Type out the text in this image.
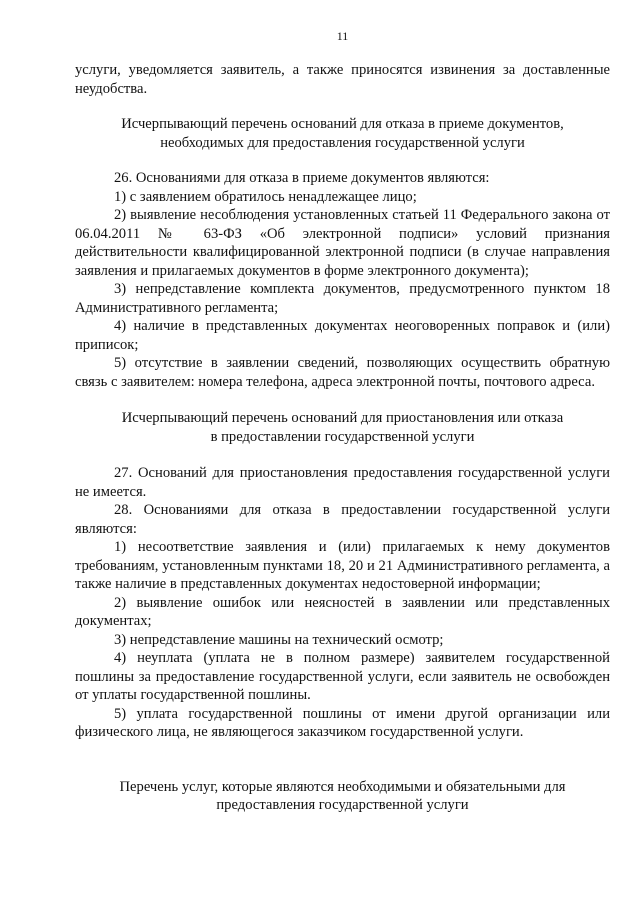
11

услуги, уведомляется заявитель, а также приносятся извинения за доставленные неудобства.

Исчерпывающий перечень оснований для отказа в приеме документов,

необходимых для предоставления государственной услуги

26. Основаниями для отказа в приеме документов являются:

1) с заявлением обратилось ненадлежащее лицо;

2) выявление несоблюдения установленных статьей 11 Федерального закона от 06.04.2011 № 63-ФЗ «Об электронной подписи» условий признания действительности квалифицированной электронной подписи (в случае направления заявления и прилагаемых документов в форме электронного документа);

3) непредставление комплекта документов, предусмотренного пунктом 18 Административного регламента;

4) наличие в представленных документах неоговоренных поправок и (или) приписок;

5) отсутствие в заявлении сведений, позволяющих осуществить обратную связь с заявителем: номера телефона, адреса электронной почты, почтового адреса.

Исчерпывающий перечень оснований для приостановления или отказа

в предоставлении государственной услуги

27. Оснований для приостановления предоставления государственной услуги не имеется.

28. Основаниями для отказа в предоставлении государственной услуги являются:

1) несоответствие заявления и (или) прилагаемых к нему документов требованиям, установленным пунктами 18, 20 и 21 Административного регламента, а также наличие в представленных документах недостоверной информации;

2) выявление ошибок или неясностей в заявлении или представленных документах;

3) непредставление машины на технический осмотр;

4) неуплата (уплата не в полном размере) заявителем государственной пошлины за предоставление государственной услуги, если заявитель не освобожден от уплаты государственной пошлины.

5) уплата государственной пошлины от имени другой организации или физического лица, не являющегося заказчиком государственной услуги.

Перечень услуг, которые являются необходимыми и обязательными для

предоставления государственной услуги
